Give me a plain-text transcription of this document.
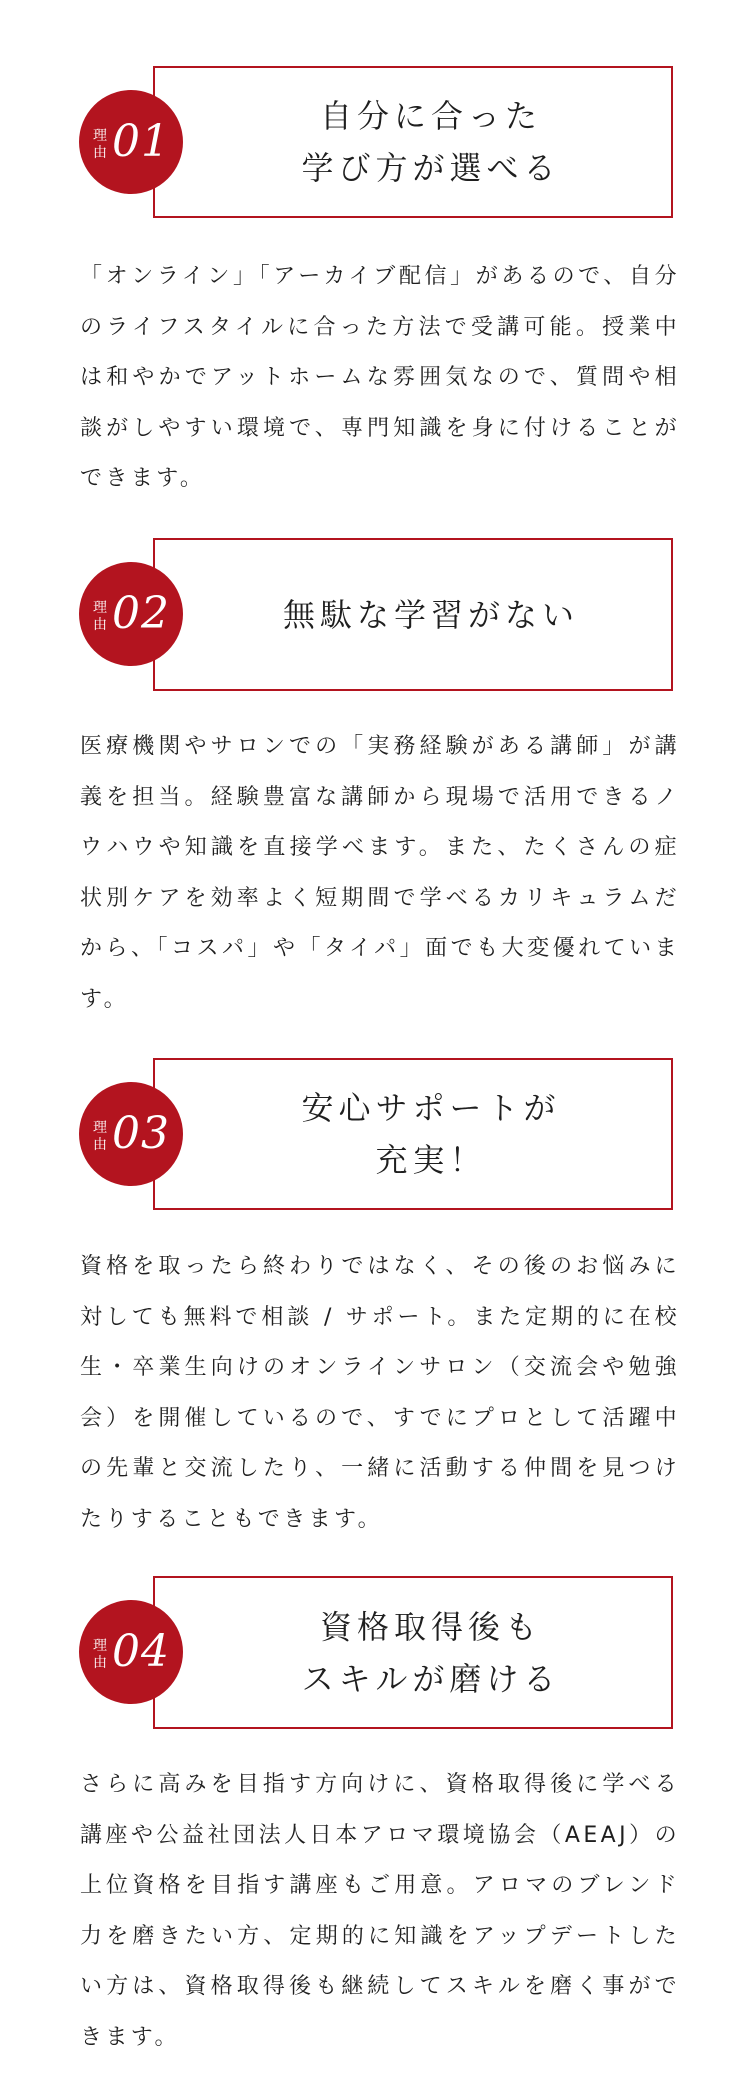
自分に合った
学び方が選べる
理由 01

「オンライン」「アーカイブ配信」があるので、自分のライフスタイルに合った方法で受講可能。授業中は和やかでアットホームな雰囲気なので、質問や相談がしやすい環境で、専門知識を身に付けることができます。

無駄な学習がない
理由 02

医療機関やサロンでの「実務経験がある講師」が講義を担当。経験豊富な講師から現場で活用できるノウハウや知識を直接学べます。また、たくさんの症状別ケアを効率よく短期間で学べるカリキュラムだから、「コスパ」や「タイパ」面でも大変優れています。

安心サポートが
充実！
理由 03

資格を取ったら終わりではなく、その後のお悩みに対しても無料で相談 / サポート。また定期的に在校生・卒業生向けのオンラインサロン（交流会や勉強会）を開催しているので、すでにプロとして活躍中の先輩と交流したり、一緒に活動する仲間を見つけたりすることもできます。

資格取得後も
スキルが磨ける
理由 04

さらに高みを目指す方向けに、資格取得後に学べる講座や公益社団法人日本アロマ環境協会（AEAJ）の上位資格を目指す講座もご用意。アロマのブレンド力を磨きたい方、定期的に知識をアップデートしたい方は、資格取得後も継続してスキルを磨く事ができます。
